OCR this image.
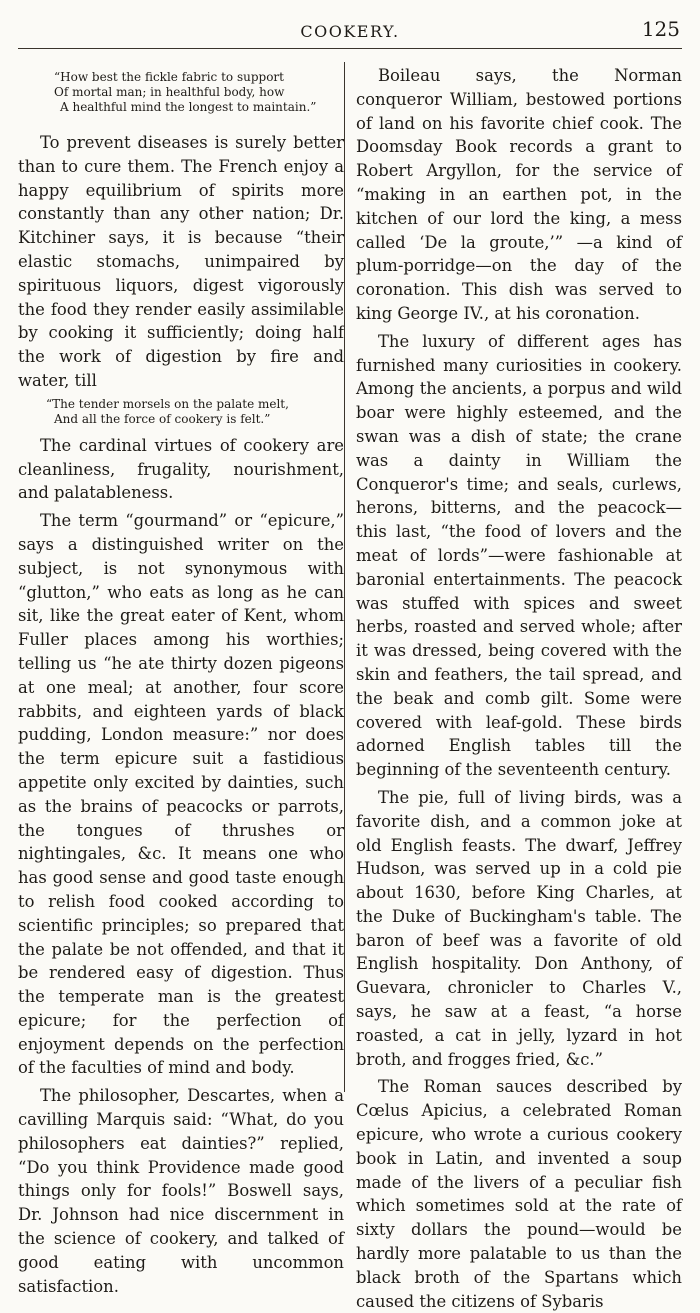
COOKERY.	125
“How best the fickle fabric to support
Of mortal man; in healthful body, how
A healthful mind the longest to maintain.”

To prevent diseases is surely better than to cure them. The French enjoy a happy equilibrium of spirits more constantly than any other nation; Dr. Kitchiner says, it is because “their elastic stomachs, unimpaired by spirituous liquors, digest vigorously the food they render easily assimilable by cooking it sufficiently; doing half the work of digestion by fire and water, till

“The tender morsels on the palate melt,
And all the force of cookery is felt.”

The cardinal virtues of cookery are cleanliness, frugality, nourishment, and palatableness.

The term “gourmand” or “epicure,” says a distinguished writer on the subject, is not synonymous with “glutton,” who eats as long as he can sit, like the great eater of Kent, whom Fuller places among his worthies; telling us “he ate thirty dozen pigeons at one meal; at another, four score rabbits, and eighteen yards of black pudding, London measure:” nor does the term epicure suit a fastidious appetite only excited by dainties, such as the brains of peacocks or parrots, the tongues of thrushes or nightingales, &c. It means one who has good sense and good taste enough to relish food cooked according to scientific principles; so prepared that the palate be not offended, and that it be rendered easy of digestion. Thus the temperate man is the greatest epicure; for the perfection of enjoyment depends on the perfection of the faculties of mind and body.

The philosopher, Descartes, when a cavilling Marquis said: “What, do you philosophers eat dainties?” replied, “Do you think Providence made good things only for fools!” Boswell says, Dr. Johnson had nice discernment in the science of cookery, and talked of good eating with uncommon satisfaction.

Boileau says, the Norman conqueror William, bestowed portions of land on his favorite chief cook. The Doomsday Book records a grant to Robert Argyllon, for the service of “making in an earthen pot, in the kitchen of our lord the king, a mess called ‘De la groute,’” —a kind of plum-porridge—on the day of the coronation. This dish was served to king George IV., at his coronation.

The luxury of different ages has furnished many curiosities in cookery. Among the ancients, a porpus and wild boar were highly esteemed, and the swan was a dish of state; the crane was a dainty in William the Conqueror's time; and seals, curlews, herons, bitterns, and the peacock—this last, “the food of lovers and the meat of lords”—were fashionable at baronial entertainments. The peacock was stuffed with spices and sweet herbs, roasted and served whole; after it was dressed, being covered with the skin and feathers, the tail spread, and the beak and comb gilt. Some were covered with leaf-gold. These birds adorned English tables till the beginning of the seventeenth century.

The pie, full of living birds, was a favorite dish, and a common joke at old English feasts. The dwarf, Jeffrey Hudson, was served up in a cold pie about 1630, before King Charles, at the Duke of Buckingham's table. The baron of beef was a favorite of old English hospitality. Don Anthony, of Guevara, chronicler to Charles V., says, he saw at a feast, “a horse roasted, a cat in jelly, lyzard in hot broth, and frogges fried, &c.”

The Roman sauces described by Cœlus Apicius, a celebrated Roman epicure, who wrote a curious cookery book in Latin, and invented a soup made of the livers of a peculiar fish which sometimes sold at the rate of sixty dollars the pound—would be hardly more palatable to us than the black broth of the Spartans which caused the citizens of Sybaris
